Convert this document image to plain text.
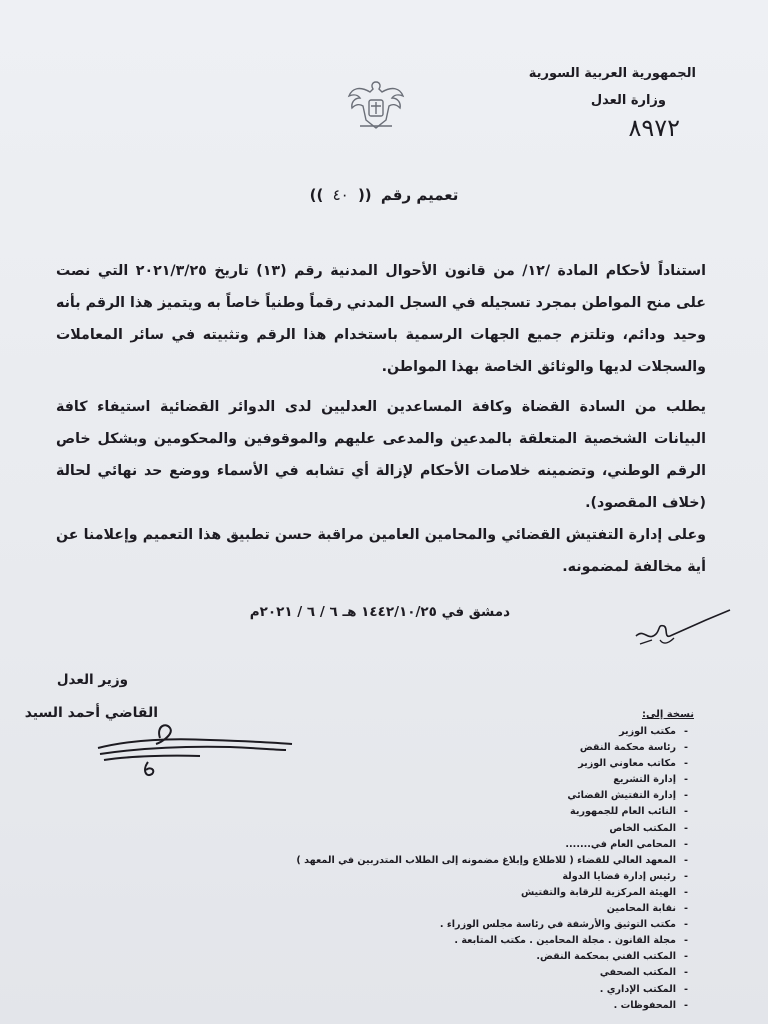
الجمهورية العربية السورية
وزارة العدل
٨٩٧٢
تعميم رقم (( ٤٠ ))

استناداً لأحكام المادة /١٢/ من قانون الأحوال المدنية رقم (١٣) تاريخ ٢٠٢١/٣/٢٥ التي نصت على منح المواطن بمجرد تسجيله في السجل المدني رقماً وطنياً خاصاً به ويتميز هذا الرقم بأنه وحيد ودائم، وتلتزم جميع الجهات الرسمية باستخدام هذا الرقم وتثبيته في سائر المعاملات والسجلات لديها والوثائق الخاصة بهذا المواطن.

يطلب من السادة القضاة وكافة المساعدين العدليين لدى الدوائر القضائية استيفاء كافة البيانات الشخصية المتعلقة بالمدعين والمدعى عليهم والموقوفين والمحكومين وبشكل خاص الرقم الوطني، وتضمينه خلاصات الأحكام لإزالة أي تشابه في الأسماء ووضع حد نهائي لحالة (خلاف المقصود).

وعلى إدارة التفتيش القضائي والمحامين العامين مراقبة حسن تطبيق هذا التعميم وإعلامنا عن أية مخالفة لمضمونه.

دمشق في ١٤٤٢/١٠/٢٥ هـ ٦ / ٦ / ٢٠٢١م
وزير العدل
القاضي أحمد السيد	نسخة إلى:
- مكتب الوزير
- رئاسة محكمة النقض
- مكاتب معاوني الوزير
- إدارة التشريع
- إدارة التفتيش القضائي
- النائب العام للجمهورية
- المكتب الخاص
- المحامي العام في.......
- المعهد العالي للقضاء ( للاطلاع وإبلاغ مضمونه إلى الطلاب المتدربين في المعهد )
- رئيس إدارة قضايا الدولة
- الهيئة المركزية للرقابة والتفتيش
- نقابة المحامين
- مكتب التوثيق والأرشفة في رئاسة مجلس الوزراء .
- مجلة القانون . مجلة المحامين . مكتب المتابعة .
- المكتب الفني بمحكمة النقض.
- المكتب الصحفي
- المكتب الإداري .
- المحفوظات .
